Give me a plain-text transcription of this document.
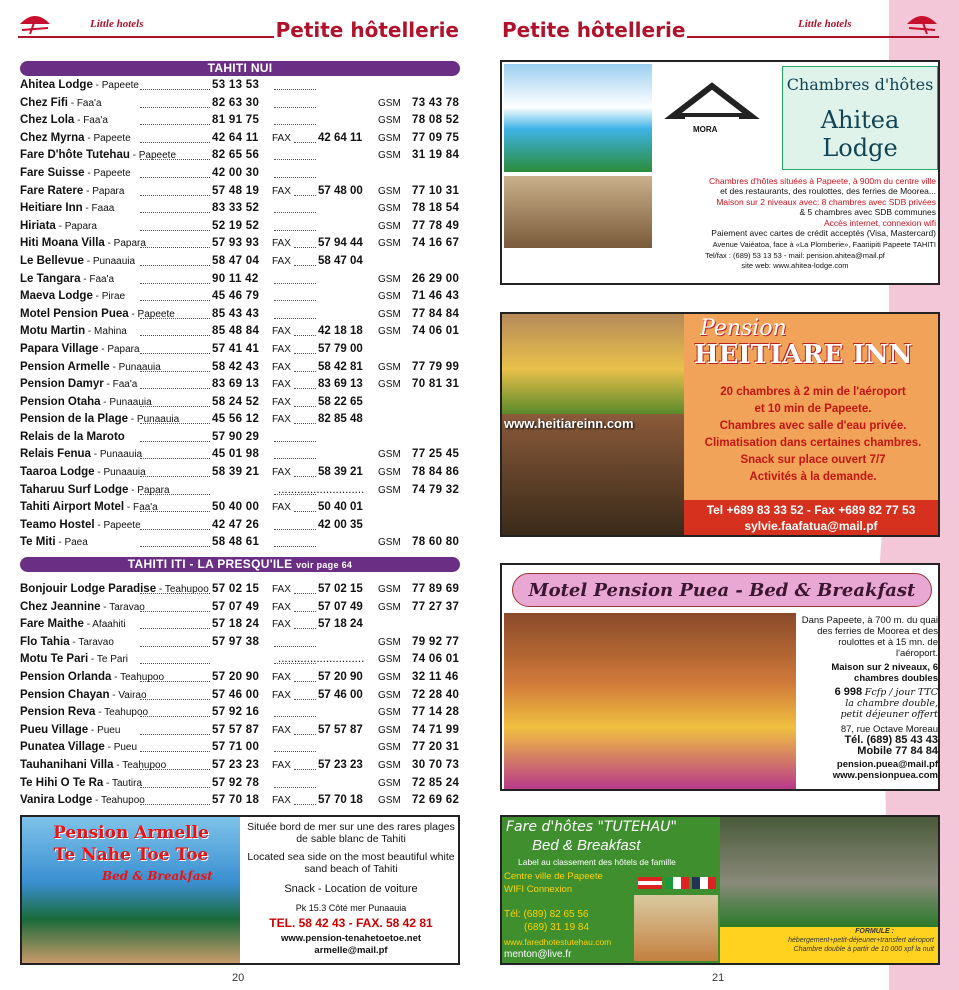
Little hotels	Petite hôtellerie
TAHITI NUI
Ahitea Lodge - Papeete	53 13 53
Chez Fifi - Faa'a	82 63 30	GSM 73 43 78
Chez Lola - Faa'a	81 91 75	GSM 78 08 52
Chez Myrna - Papeete	42 64 11 FAX 42 64 11 GSM 77 09 75
Fare D'hôte Tutehau - Papeete	82 65 56	GSM 31 19 84
Fare Suisse - Papeete	42 00 30
Fare Ratere - Papara	57 48 19 FAX 57 48 00 GSM 77 10 31
Heitiare Inn - Faaa	83 33 52	GSM 78 18 54
Hiriata - Papara	52 19 52	GSM 77 78 49
Hiti Moana Villa - Papara	57 93 93 FAX 57 94 44 GSM 74 16 67
Le Bellevue - Punaauia	58 47 04 FAX 58 47 04
Le Tangara - Faa'a	90 11 42	GSM 26 29 00
Maeva Lodge - Pirae	45 46 79	GSM 71 46 43
Motel Pension Puea - Papeete	85 43 43	GSM 77 84 84
Motu Martin - Mahina	85 48 84 FAX 42 18 18 GSM 74 06 01
Papara Village - Papara	57 41 41 FAX 57 79 00
Pension Armelle - Punaauia	58 42 43 FAX 58 42 81 GSM 77 79 99
Pension Damyr - Faa'a	83 69 13 FAX 83 69 13 GSM 70 81 31
Pension Otaha - Punaauia	58 24 52 FAX 58 22 65
Pension de la Plage - Punaauia	45 56 12 FAX 82 85 48
Relais de la Maroto	57 90 29
Relais Fenua - Punaauia	45 01 98	GSM 77 25 45
Taaroa Lodge - Punaauia	58 39 21 FAX 58 39 21 GSM 78 84 86
Taharuu Surf Lodge - Papara	........................... GSM 74 79 32
Tahiti Airport Motel - Faa'a	50 40 00 FAX 50 40 01
Teamo Hostel - Papeete	42 47 26	42 00 35
Te Miti - Paea	58 48 61	GSM 78 60 80
TAHITI ITI - LA PRESQU'ILE voir page 64
Bonjouir Lodge Paradise - Teahupoo 57 02 15 FAX 57 02 15 GSM 77 89 69
Chez Jeannine - Taravao	57 07 49 FAX 57 07 49 GSM 77 27 37
Fare Maithe - Afaahiti	57 18 24 FAX 57 18 24
Flo Tahia - Taravao	57 97 38	GSM 79 92 77
Motu Te Pari - Te Pari	........................... GSM 74 06 01
Pension Orlanda - Teahupoo	57 20 90 FAX 57 20 90 GSM 32 11 46
Pension Chayan - Vairao	57 46 00 FAX 57 46 00 GSM 72 28 40
Pension Reva - Teahupoo	57 92 16	GSM 77 14 28
Pueu Village - Pueu	57 57 87 FAX 57 57 87 GSM 74 71 99
Punatea Village - Pueu	57 71 00	GSM 77 20 31
Tauhanihani Villa - Teahupoo	57 23 23 FAX 57 23 23 GSM 30 70 73
Te Hihi O Te Ra - Tautira	57 92 78	GSM 72 85 24
Vanira Lodge - Teahupoo	57 70 18 FAX 57 70 18 GSM 72 69 62
Pension Armelle
Te Nahe Toe Toe
Bed & Breakfast
Située bord de mer sur une des rares plages de sable blanc de Tahiti
Located sea side on the most beautiful white sand beach of Tahiti
Snack - Location de voiture
Pk 15.3 Côté mer Punaauia
TEL. 58 42 43 - FAX. 58 42 81
www.pension-tenahetoetoe.net
armelle@mail.pf
20
Petite hôtellerie	Little hotels
MORA
Chambres d'hôtes
Ahitea Lodge
Chambres d'hôtes situées à Papeete, à 900m du centre ville
et des restaurants, des roulottes, des ferries de Moorea...
Maison sur 2 niveaux avec: 8 chambres avec SDB privées
& 5 chambres avec SDB communes
Accès internet, connexion wifi
Paiement avec cartes de crédit acceptés (Visa, Mastercard)
Avenue Vaiéatoa, face à «La Plomberie», Faariipiti Papeete TAHITI
Tel/fax : (689) 53 13 53 - mail: pension.ahitea@mail.pf
site web: www.ahitea-lodge.com
www.heitiareinn.com
Pension
HEITIARE INN
20 chambres à 2 min de l'aéroport
et 10 min de Papeete.
Chambres avec salle d'eau privée.
Climatisation dans certaines chambres.
Snack sur place ouvert 7/7
Activités à la demande.
Tel +689 83 33 52 - Fax +689 82 77 53
sylvie.faafatua@mail.pf
Motel Pension Puea - Bed & Breakfast
Dans Papeete, à 700 m. du quai des ferries de Moorea et des roulottes et à 15 mn. de l'aéroport.
Maison sur 2 niveaux, 6 chambres doubles
6 998 Fcfp / jour TTC
la chambre double,
petit déjeuner offert
87, rue Octave Moreau
Tél. (689) 85 43 43
Mobile 77 84 84
pension.puea@mail.pf
www.pensionpuea.com
Fare d'hôtes "TUTEHAU"
Bed & Breakfast
Label au classement des hôtels de famille
Centre ville de Papeete
WIFI Connexion
Tél: (689) 82 65 56
(689) 31 19 84
www.faredhotestutehau.com
menton@live.fr
FORMULE :
hébergement+petit-déjeuner+transfert aéroport
Chambre double à partir de 10 000 xpf la nuit
21
